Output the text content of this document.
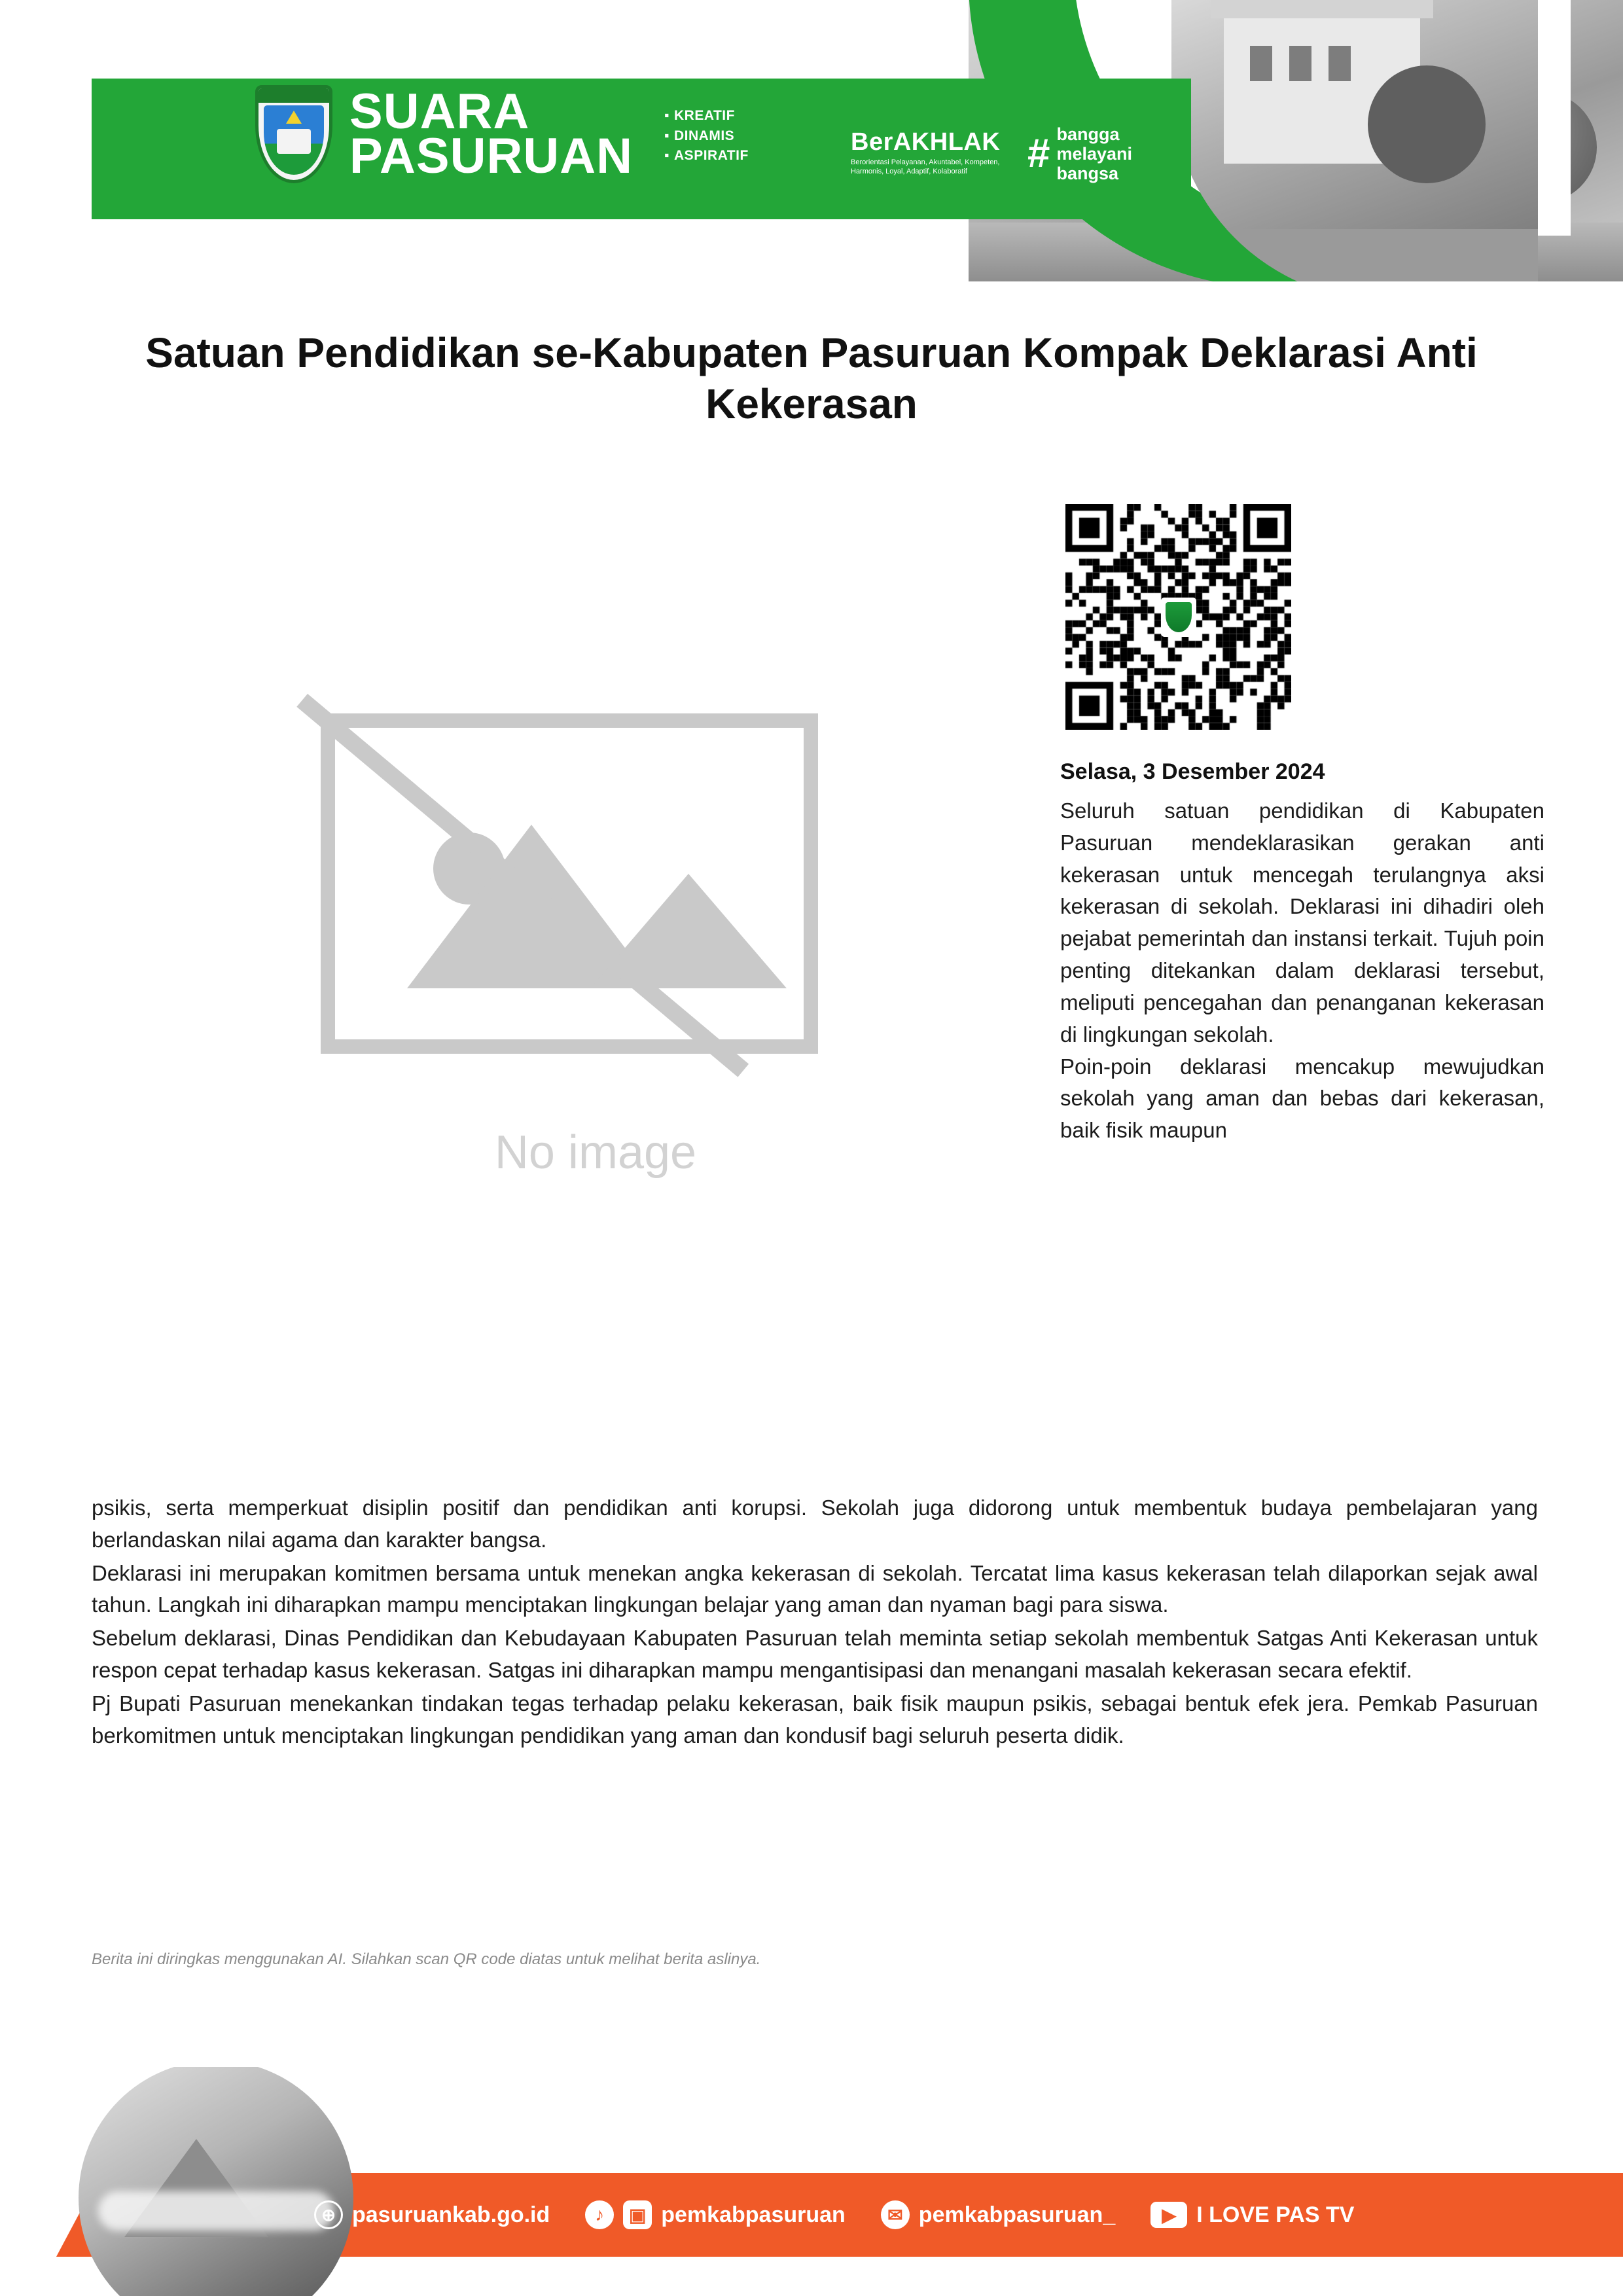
SUARA
PASURUAN
▪ KREATIF
▪ DINAMIS
▪ ASPIRATIF	BerAKHLAK
Berorientasi Pelayanan, Akuntabel, Kompeten, Harmonis, Loyal, Adaptif, Kolaboratif	# bangga
melayani
bangsa
Satuan Pendidikan se-Kabupaten Pasuruan Kompak Deklarasi Anti Kekerasan
No image
Selasa, 3 Desember 2024

Seluruh satuan pendidikan di Kabupaten Pasuruan mendeklarasikan gerakan anti kekerasan untuk mencegah terulangnya aksi kekerasan di sekolah. Deklarasi ini dihadiri oleh pejabat pemerintah dan instansi terkait. Tujuh poin penting ditekankan dalam deklarasi tersebut, meliputi pencegahan dan penanganan kekerasan di lingkungan sekolah.

Poin-poin deklarasi mencakup mewujudkan sekolah yang aman dan bebas dari kekerasan, baik fisik maupun

psikis, serta memperkuat disiplin positif dan pendidikan anti korupsi. Sekolah juga didorong untuk membentuk budaya pembelajaran yang berlandaskan nilai agama dan karakter bangsa.

Deklarasi ini merupakan komitmen bersama untuk menekan angka kekerasan di sekolah. Tercatat lima kasus kekerasan telah dilaporkan sejak awal tahun. Langkah ini diharapkan mampu menciptakan lingkungan belajar yang aman dan nyaman bagi para siswa.

Sebelum deklarasi, Dinas Pendidikan dan Kebudayaan Kabupaten Pasuruan telah meminta setiap sekolah membentuk Satgas Anti Kekerasan untuk respon cepat terhadap kasus kekerasan. Satgas ini diharapkan mampu mengantisipasi dan menangani masalah kekerasan secara efektif.

Pj Bupati Pasuruan menekankan tindakan tegas terhadap pelaku kekerasan, baik fisik maupun psikis, sebagai bentuk efek jera. Pemkab Pasuruan berkomitmen untuk menciptakan lingkungan pendidikan yang aman dan kondusif bagi seluruh peserta didik.

Berita ini diringkas menggunakan AI. Silahkan scan QR code diatas untuk melihat berita aslinya.
⊕ pasuruankab.go.id	♪	▣ pemkabpasuruan	✉ pemkabpasuruan_	▶ I LOVE PAS TV
